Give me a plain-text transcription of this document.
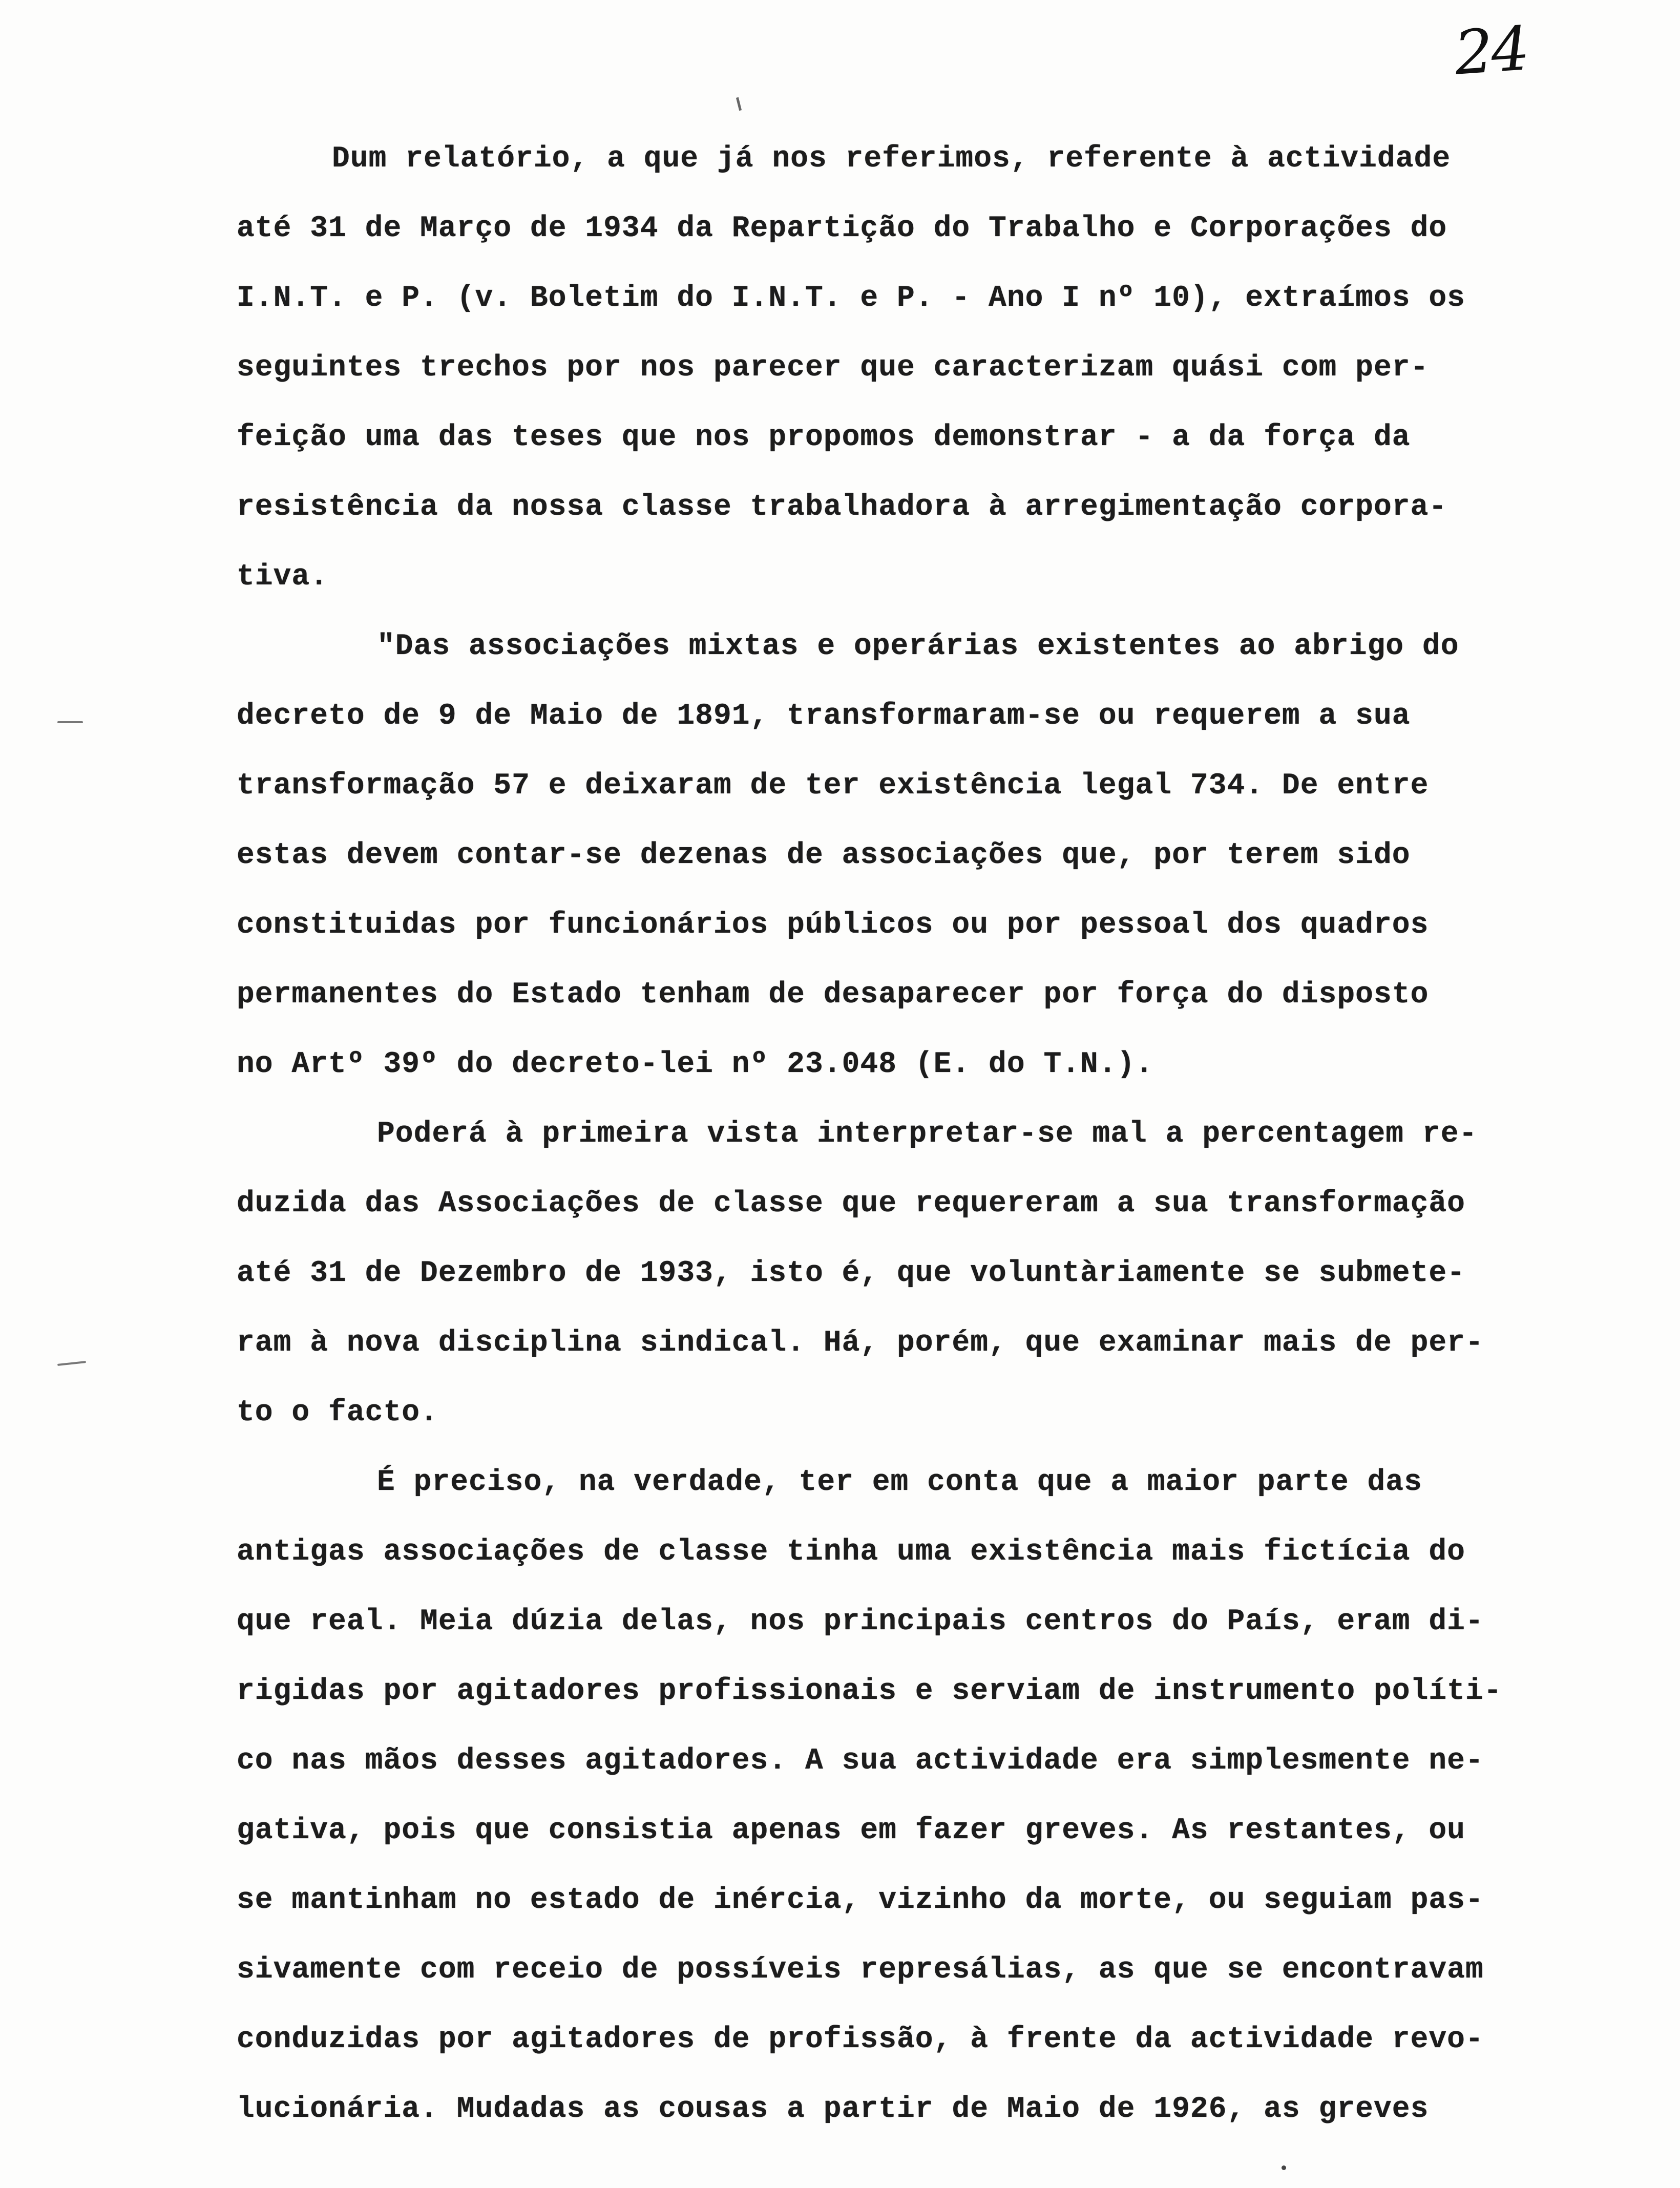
24
Dum relatório, a que já nos referimos, referente à actividade
até 31 de Março de 1934 da Repartição do Trabalho e Corporações do
I.N.T. e P. (v. Boletim do I.N.T. e P. - Ano I nº 10), extraímos os
seguintes trechos por nos parecer que caracterizam quási com per-
feição uma das teses que nos propomos demonstrar - a da força da
resistência da nossa classe trabalhadora à arregimentação corpora-
tiva.
"Das associações mixtas e operárias existentes ao abrigo do
decreto de 9 de Maio de 1891, transformaram-se ou requerem a sua
transformação 57 e deixaram de ter existência legal 734. De entre
estas devem contar-se dezenas de associações que, por terem sido
constituidas por funcionários públicos ou por pessoal dos quadros
permanentes do Estado tenham de desaparecer por força do disposto
no Artº 39º do decreto-lei nº 23.048 (E. do T.N.).
Poderá à primeira vista interpretar-se mal a percentagem re-
duzida das Associações de classe que requereram a sua transformação
até 31 de Dezembro de 1933, isto é, que voluntàriamente se submete-
ram à nova disciplina sindical. Há, porém, que examinar mais de per-
to o facto.
É preciso, na verdade, ter em conta que a maior parte das
antigas associações de classe tinha uma existência mais fictícia do
que real. Meia dúzia delas, nos principais centros do País, eram di-
rigidas por agitadores profissionais e serviam de instrumento políti-
co nas mãos desses agitadores. A sua actividade era simplesmente ne-
gativa, pois que consistia apenas em fazer greves. As restantes, ou
se mantinham no estado de inércia, vizinho da morte, ou seguiam pas-
sivamente com receio de possíveis represálias, as que se encontravam
conduzidas por agitadores de profissão, à frente da actividade revo-
lucionária. Mudadas as cousas a partir de Maio de 1926, as greves
